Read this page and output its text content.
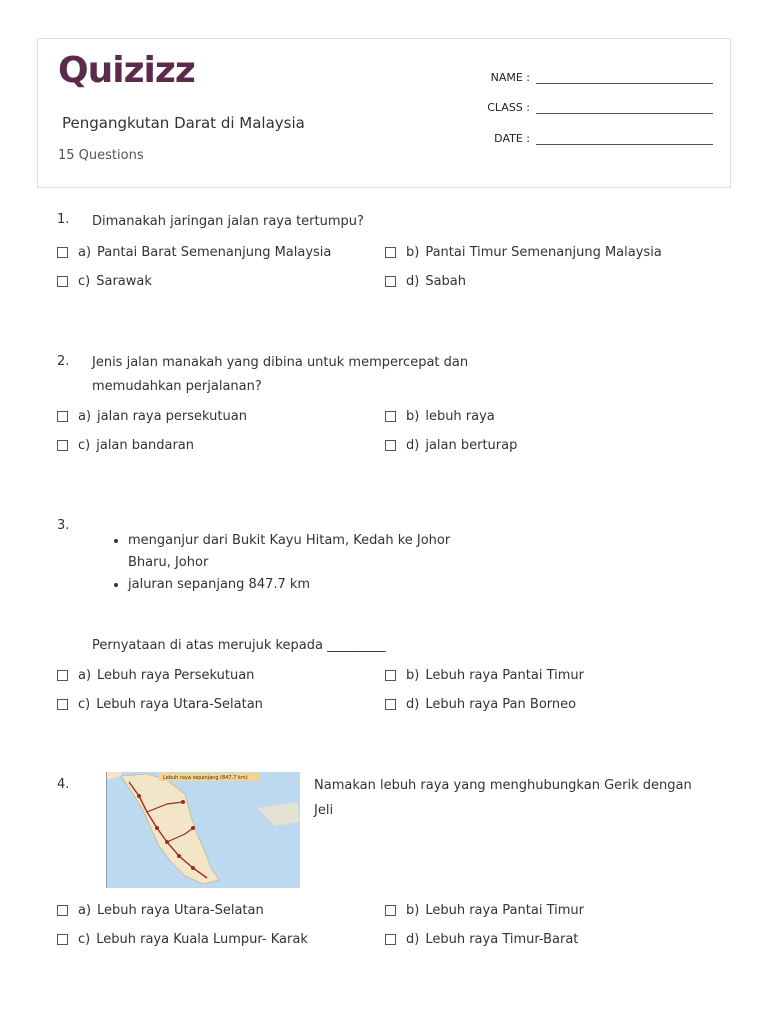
Quizizz
Pengangkutan Darat di Malaysia
15 Questions
NAME :
CLASS :
DATE :
1. Dimanakah jaringan jalan raya tertumpu?
a) Pantai Barat Semenanjung Malaysia	b) Pantai Timur Semenanjung Malaysia
c) Sarawak	d) Sabah
2. Jenis jalan manakah yang dibina untuk mempercepat dan
memudahkan perjalanan?
a) jalan raya persekutuan	b) lebuh raya
c) jalan bandaran	d) jalan berturap
3.
• menganjur dari Bukit Kayu Hitam, Kedah ke Johor
Bharu, Johor
• jaluran sepanjang 847.7 km
Pernyataan di atas merujuk kepada _________
a) Lebuh raya Persekutuan	b) Lebuh raya Pantai Timur
c) Lebuh raya Utara-Selatan	d) Lebuh raya Pan Borneo
4.	Lebuh raya sepanjang (847.7 km)	Namakan lebuh raya yang menghubungkan Gerik dengan
Jeli
a) Lebuh raya Utara-Selatan	b) Lebuh raya Pantai Timur
c) Lebuh raya Kuala Lumpur- Karak	d) Lebuh raya Timur-Barat
